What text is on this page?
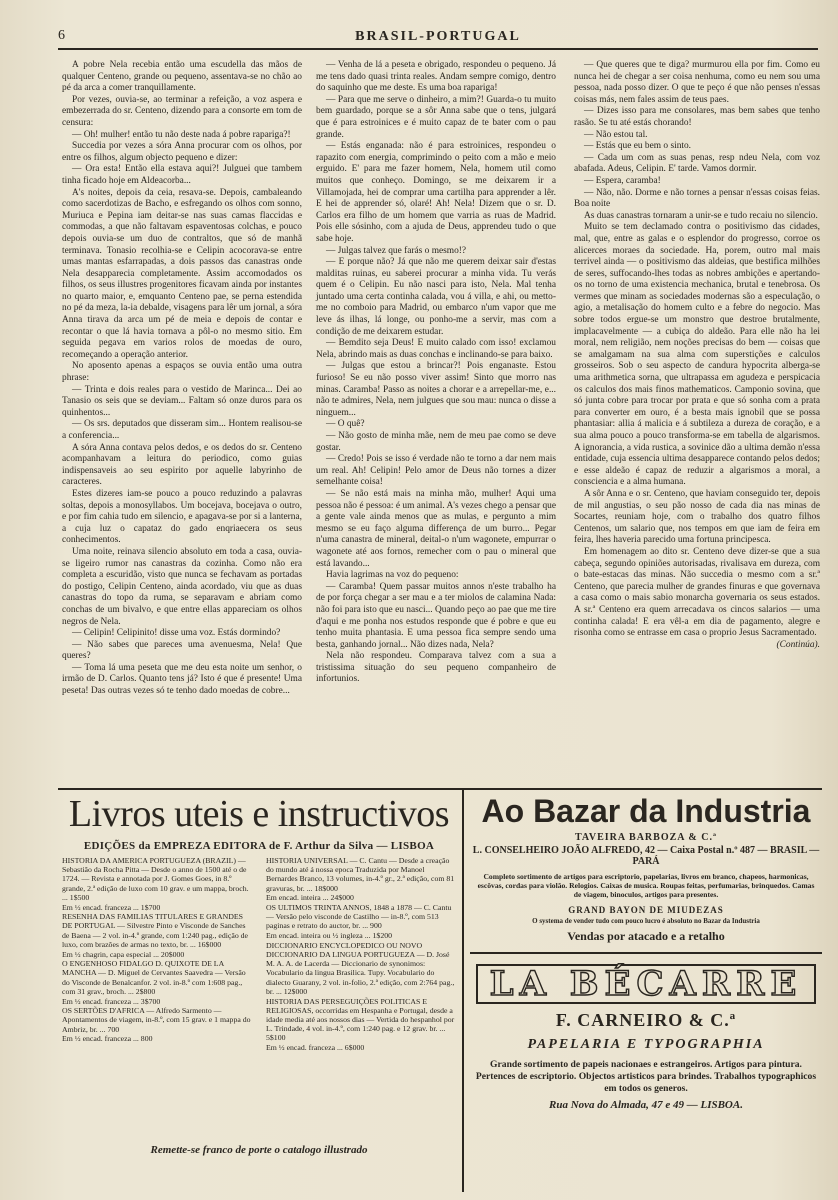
6	BRASIL-PORTUGAL

A pobre Nela recebia então uma escudella das mãos de qualquer Centeno, grande ou pequeno, assentava-se no chão ao pé da arca a comer tranquillamente.

Por vezes, ouvia-se, ao terminar a refeição, a voz aspera e embezerrada do sr. Centeno, dizendo para a consorte em tom de censura:

— Oh! mulher! então tu não deste nada á pobre rapariga?!

Succedia por vezes a sóra Anna procurar com os olhos, por entre os filhos, algum objecto pequeno e dizer:

— Ora esta! Então ella estava aqui?! Julguei que tambem tinha ficado hoje em Aldeacorba...

A's noites, depois da ceia, resava-se. Depois, cambaleando como sacerdotizas de Bacho, e esfregando os olhos com sonno, Muriuca e Pepina iam deitar-se nas suas camas flaccidas e commodas, a que não faltavam espaventosas colchas, e pouco depois ouvia-se um duo de contraltos, que só de manhã terminava. Tonasio recolhia-se e Celipin acocorava-se entre umas mantas esfarrapadas, a dois passos das canastras onde Nela desapparecia completamente. Assim accomodados os filhos, os seus illustres progenitores ficavam ainda por instantes no quarto maior, e, emquanto Centeno pae, se perna estendida no pé da meza, la-ia debalde, visagens para lêr um jornal, a sóra Anna tirava da arca um pé de meia e depois de contar e recontar o que lá havia tornava a pôl-o no mesmo sitio. Em seguida pegava em varios rolos de moedas de ouro, recomeçando a operação anterior.

No aposento apenas a espaços se ouvia então uma outra phrase:

— Trinta e dois reales para o vestido de Marinca... Dei ao Tanasio os seis que se deviam... Faltam só onze duros para os quinhentos...

— Os srs. deputados que disseram sim... Hontem realisou-se a conferencia...

A sóra Anna contava pelos dedos, e os dedos do sr. Centeno acompanhavam a leitura do periodico, como guias indispensaveis ao seu espirito por aquelle labyrinho de caracteres.

Estes dizeres iam-se pouco a pouco reduzindo a palavras soltas, depois a monosyllabos. Um bocejava, bocejava o outro, e por fim cahia tudo em silencio, e apagava-se por si a lanterna, a cuja luz o capataz do gado enqriaecera os seus conhecimentos.

Uma noite, reinava silencio absoluto em toda a casa, ouvia-se ligeiro rumor nas canastras da cozinha. Como não era completa a escuridão, visto que nunca se fechavam as portadas do postigo, Celipin Centeno, ainda acordado, viu que as duas canastras do topo da ruma, se separavam e abriam como conchas de um bivalvo, e que entre ellas appareciam os olhos negros de Nela.

— Celipin! Celipinito! disse uma voz. Estás dormindo?

— Não sabes que pareces uma avenuesma, Nela! Que queres?

— Toma lá uma peseta que me deu esta noite um senhor, o irmão de D. Carlos. Quanto tens já? Isto é que é presente! Uma peseta! Das outras vezes só te tenho dado moedas de cobre...

— Venha de lá a peseta e obrigado, respondeu o pequeno. Já me tens dado quasi trinta reales. Andam sempre comigo, dentro do saquinho que me deste. Es uma boa rapariga!

— Para que me serve o dinheiro, a mim?! Guarda-o tu muito bem guardado, porque se a sôr Anna sabe que o tens, julgará que é para estroinices e é muito capaz de te bater com o pau grande.

— Estás enganada: não é para estroinices, respondeu o rapazito com energia, comprimindo o peito com a mão e meio erguido. E' para me fazer homem, Nela, homem util como muitos que conheço. Domingo, se me deixarem ir a Villamojada, hei de comprar uma cartilha para apprender a lêr. E hei de apprender só, olaré! Ah! Nela! Dizem que o sr. D. Carlos era filho de um homem que varria as ruas de Madrid. Pois elle sósinho, com a ajuda de Deus, apprendeu tudo o que sabe hoje.

— Julgas talvez que farás o mesmo!?

— E porque não? Já que não me querem deixar sair d'estas malditas ruinas, eu saberei procurar a minha vida. Tu verás quem é o Celipin. Eu não nasci para isto, Nela. Mal tenha juntado uma certa continha calada, vou á villa, e ahi, ou metto-me no comboio para Madrid, ou embarco n'um vapor que me leve ás ilhas, lá longe, ou ponho-me a servir, mas com a condição de me deixarem estudar.

— Bemdito seja Deus! E muito calado com isso! exclamou Nela, abrindo mais as duas conchas e inclinando-se para baixo.

— Julgas que estou a brincar?! Pois enganaste. Estou furioso! Se eu não posso viver assim! Sinto que morro nas minas. Caramba! Passo as noites a chorar e a arrepellar-me, e... não te admires, Nela, nem julgues que sou mau: nunca o disse a ninguem...

— O quê?

— Não gosto de minha mãe, nem de meu pae como se deve gostar.

— Credo! Pois se isso é verdade não te torno a dar nem mais um real. Ah! Celipin! Pelo amor de Deus não tornes a dizer semelhante coisa!

— Se não está mais na minha mão, mulher! Aqui uma pessoa não é pessoa: é um animal. A's vezes chego a pensar que a gente vale ainda menos que as mulas, e pergunto a mim mesmo se eu faço alguma differença de um burro... Pegar n'uma canastra de mineral, deital-o n'um wagonete, empurrar o wagonete até aos fornos, remecher com o pau o mineral que está lavando...

Havia lagrimas na voz do pequeno:

— Caramba! Quem passar muitos annos n'este trabalho ha de por força chegar a ser mau e a ter miolos de calamina Nada: não foi para isto que eu nasci... Quando peço ao pae que me tire d'aqui e me ponha nos estudos responde que é pobre e que eu tenho muita phantasia. E uma pessoa fica sempre sendo uma besta, ganhando jornal... Não dizes nada, Nela?

Nela não respondeu. Comparava talvez com a sua a tristissima situação do seu pequeno companheiro de infortunios.

— Que queres que te diga? murmurou ella por fim. Como eu nunca hei de chegar a ser coisa nenhuma, como eu nem sou uma pessoa, nada posso dizer. O que te peço é que não penses n'essas coisas más, nem fales assim de teus paes.

— Dizes isso para me consolares, mas bem sabes que tenho rasão. Se tu até estás chorando!

— Não estou tal.

— Estás que eu bem o sinto.

— Cada um com as suas penas, resp ndeu Nela, com voz abafada. Adeus, Celipin. E' tarde. Vamos dormir.

— Espera, caramba!

— Não, não. Dorme e não tornes a pensar n'essas coisas feias. Boa noite

As duas canastras tornaram a unir-se e tudo recaiu no silencio.

Muito se tem declamado contra o positivismo das cidades, mal, que, entre as galas e o esplendor do progresso, corroe os alicerces moraes da sociedade. Ha, porem, outro mal mais terrivel ainda — o positivismo das aldeias, que bestifica milhões de seres, suffocando-lhes todas as nobres ambições e apertando-os no torno de uma existencia mechanica, brutal e tenebrosa. Os vermes que minam as sociedades modernas são a especulação, o agio, a metalisação do homem culto e a febre do negocio. Mas sobre todos ergue-se um monstro que destroe brutalmente, implacavelmente — a cubiça do aldeão. Para elle não ha lei moral, nem religião, nem noções precisas do bem — coisas que se amalgamam na sua alma com superstições e calculos grosseiros. Sob o seu aspecto de candura hypocrita alberga-se uma arithmetica sorna, que ultrapassa em agudeza e perspicacia os calculos dos mais finos mathematicos. Camponio sovina, que só junta cobre para trocar por prata e que só sonha com a prata para converter em ouro, é a besta mais ignobil que se possa phantasiar: allia á malicia e á subtileza a dureza de coração, e a sua alma pouco a pouco transforma-se em tabella de algarismos. A ignorancia, a vida rustica, a sovinice dão a ultima demão n'essa entidade, cuja essencia ultima desapparece contando pelos dedos; e esse aldeão é capaz de reduzir a algarismos a moral, a consciencia e a alma humana.

A sôr Anna e o sr. Centeno, que haviam conseguido ter, depois de mil angustias, o seu pão nosso de cada dia nas minas de Socartes, reuniam hoje, com o trabalho dos quatro filhos Centenos, um salario que, nos tempos em que iam de feira em feira, lhes haveria parecido uma fortuna principesca.

Em homenagem ao dito sr. Centeno deve dizer-se que a sua cabeça, segundo opiniões autorisadas, rivalisava em dureza, com o bate-estacas das minas. Não succedia o mesmo com a sr.ª Centeno, que parecia mulher de grandes finuras e que governava a casa como o mais sabio monarcha governaria os seus estados. A sr.ª Centeno era quem arrecadava os cincos salarios — uma continha calada! E era vêl-a em dia de pagamento, alegre e risonha como se entrasse em casa o proprio Jesus Sacramentado.

(Continúa).

Livros uteis e instructivos
EDIÇÕES da EMPREZA EDITORA de F. Arthur da Silva — LISBOA
HISTORIA DA AMERICA PORTUGUEZA (BRAZIL) — Sebastião da Rocha Pitta — Desde o anno de 1500 até o de 1724. — Revista e annotada por J. Gomes Goes, in 8.º grande, 2.ª edição de luxo com 10 grav. e um mappa, broch. ... 1$500
Em ½ encad. franceza ... 1$700
RESENHA DAS FAMILIAS TITULARES E GRANDES DE PORTUGAL — Silvestre Pinto e Visconde de Sanches de Baena — 2 vol. in-4.º grande, com 1:240 pag., edição de luxo, com brazões de armas no texto, br. ... 16$000
Em ½ chagrin, capa especial ... 20$000
O ENGENHOSO FIDALGO D. QUIXOTE DE LA MANCHA — D. Miguel de Cervantes Saavedra — Versão do Visconde de Benalcanfor. 2 vol. in-8.º com 1:608 pag., com 31 grav., broch. ... 2$800
Em ½ encad. franceza ... 3$700
OS SERTÕES D'AFRICA — Alfredo Sarmento — Apontamentos de viagem, in-8.º, com 15 grav. e 1 mappa do Ambriz, br. ... 700
Em ½ encad. franceza ... 800
HISTORIA UNIVERSAL — C. Cantu — Desde a creação do mundo até á nossa epoca Traduzida por Manoel Bernardes Branco, 13 volumes, in-4.º gr., 2.ª edição, com 81 gravuras, br. ... 18$000
Em encad. inteira ... 24$000
OS ULTIMOS TRINTA ANNOS, 1848 a 1878 — C. Cantu — Versão pelo visconde de Castilho — in-8.º, com 513 paginas e retrato do auctor, br. ... 900
Em encad. inteira ou ½ ingleza ... 1$200
DICCIONARIO ENCYCLOPEDICO OU NOVO DICCIONARIO DA LINGUA PORTUGUEZA — D. José M. A. A. de Lacerda — Diccionario de synonimos: Vocabulario da lingua Brasilica. Tupy. Vocabulario do dialecto Guarany, 2 vol. in-folio, 2.ª edição, com 2:764 pag., br. ... 12$000
HISTORIA DAS PERSEGUIÇÕES POLITICAS E RELIGIOSAS, occorridas em Hespanha e Portugal, desde a idade media até aos nossos dias — Vertida do hespanhol por L. Trindade, 4 vol. in-4.º, com 1:240 pag. e 12 grav. br. ... 5$100
Em ½ encad. franceza ... 6$000
Remette-se franco de porte o catalogo illustrado
Ao Bazar da Industria
TAVEIRA BARBOZA & C.ª
L. CONSELHEIRO JOÃO ALFREDO, 42 — Caixa Postal n.º 487 — BRASIL — PARÁ
Completo sortimento de artigos para escriptorio, papelarias, livros em branco, chapeos, harmonicas, escôvas, cordas para violão. Relogios. Caixas de musica. Roupas feitas, perfumarias, brinquedos. Camas de viagem, binoculos, artigos para presentes.
GRAND BAYON DE MIUDEZAS
O systema de vender tudo com pouco lucro é absoluto no Bazar da Industria
Vendas por atacado e a retalho
LA BÉCARRE
F. CARNEIRO & C.ª
PAPELARIA E TYPOGRAPHIA
Grande sortimento de papeis nacionaes e estrangeiros. Artigos para pintura. Pertences de escriptorio. Objectos artisticos para brindes. Trabalhos typographicos em todos os generos.
Rua Nova do Almada, 47 e 49 — LISBOA.
